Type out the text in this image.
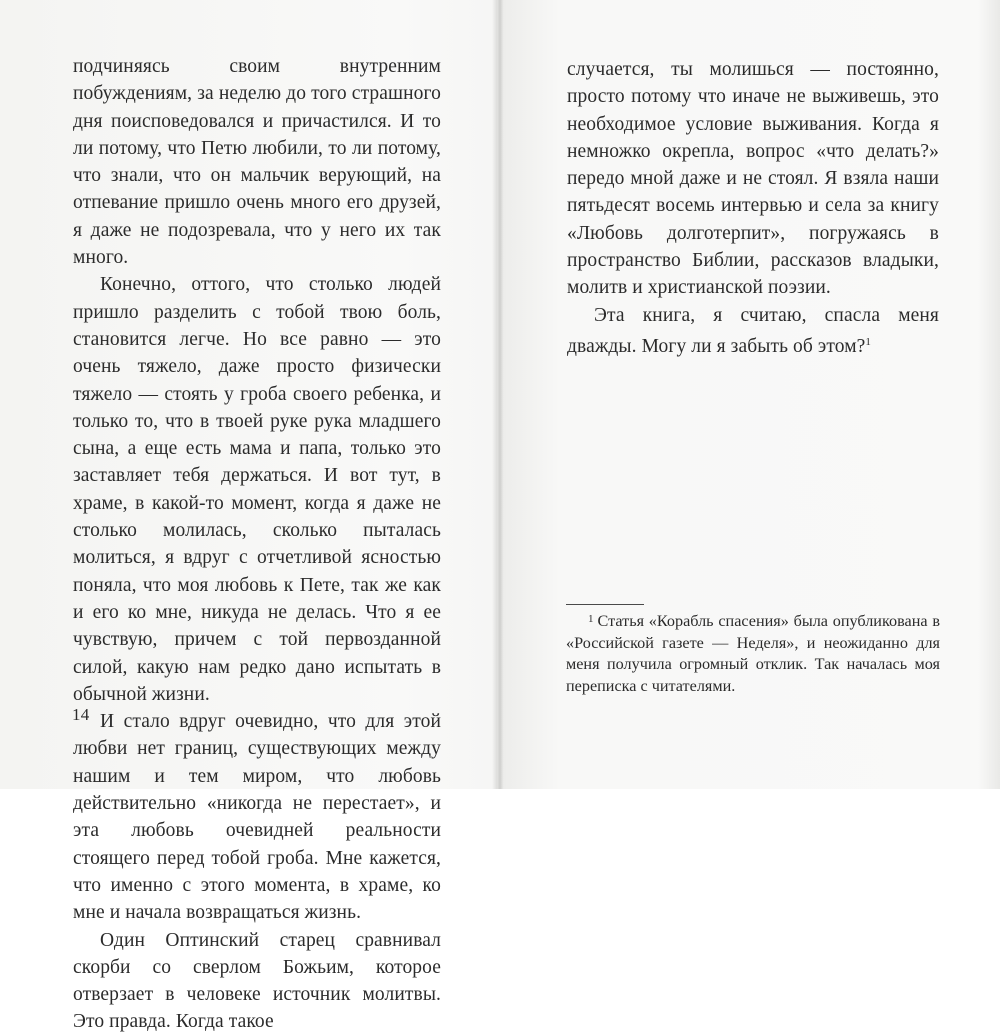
подчиняясь своим внутренним побуждениям, за неделю до того страшного дня поисповедовался и причастился. И то ли потому, что Петю любили, то ли потому, что знали, что он мальчик верующий, на отпевание пришло очень много его друзей, я даже не подозревала, что у него их так много.

Конечно, оттого, что столько людей пришло разделить с тобой твою боль, становится легче. Но все равно — это очень тяжело, даже просто физически тяжело — стоять у гроба своего ребенка, и только то, что в твоей руке рука младшего сына, а еще есть мама и папа, только это заставляет тебя держаться. И вот тут, в храме, в какой-то момент, когда я даже не столько молилась, сколько пыталась молиться, я вдруг с отчетливой ясностью поняла, что моя любовь к Пете, так же как и его ко мне, никуда не делась. Что я ее чувствую, причем с той первозданной силой, какую нам редко дано испытать в обычной жизни.

И стало вдруг очевидно, что для этой любви нет границ, существующих между нашим и тем миром, что любовь действительно «никогда не перестает», и эта любовь очевидней реальности стоящего перед тобой гроба. Мне кажется, что именно с этого момента, в храме, ко мне и начала возвращаться жизнь.

Один Оптинский старец сравнивал скорби со сверлом Божьим, которое отверзает в человеке источник молитвы. Это правда. Когда такое

14

случается, ты молишься — постоянно, просто потому что иначе не выживешь, это необходимое условие выживания. Когда я немножко окрепла, вопрос «что делать?» передо мной даже и не стоял. Я взяла наши пятьдесят восемь интервью и села за книгу «Любовь долготерпит», погружаясь в пространство Библии, рассказов владыки, молитв и христианской поэзии.

Эта книга, я считаю, спасла меня дважды. Могу ли я забыть об этом?$^1$

$^1$ Статья «Корабль спасения» была опубликована в «Российской газете — Неделя», и неожиданно для меня получила огромный отклик. Так началась моя переписка с читателями.
